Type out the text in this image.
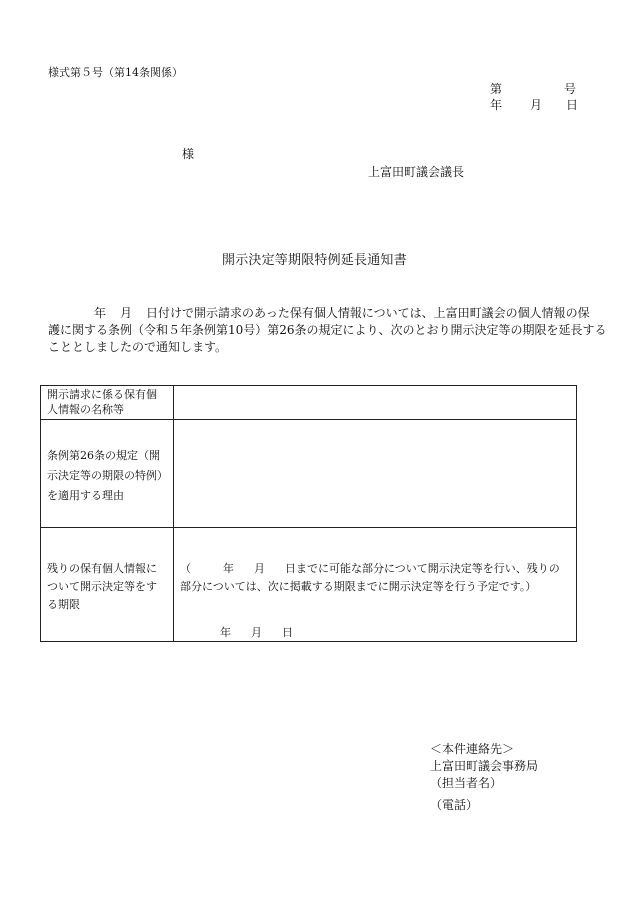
様式第５号（第14条関係）
第	号
年 月 日
様
上富田町議会議長
開示決定等期限特例延長通知書
年 月 日付けで開示請求のあった保有個人情報については、上富田町議会の個人情報の保
護に関する条例（令和５年条例第10号）第26条の規定により、次のとおり開示決定等の期限を延長する
こととしましたので通知します。
開示請求に係る保有個
人情報の名称等	

条例第26条の規定（開
示決定等の期限の特例）
を適用する理由	

残りの保有個人情報に
ついて開示決定等をす
る期限	（ 年 月 日までに可能な部分について開示決定等を行い、残りの
部分については、次に掲載する期限までに開示決定等を行う予定です。）
年 月 日
＜本件連絡先＞
上富田町議会事務局
（担当者名）
（電話）
